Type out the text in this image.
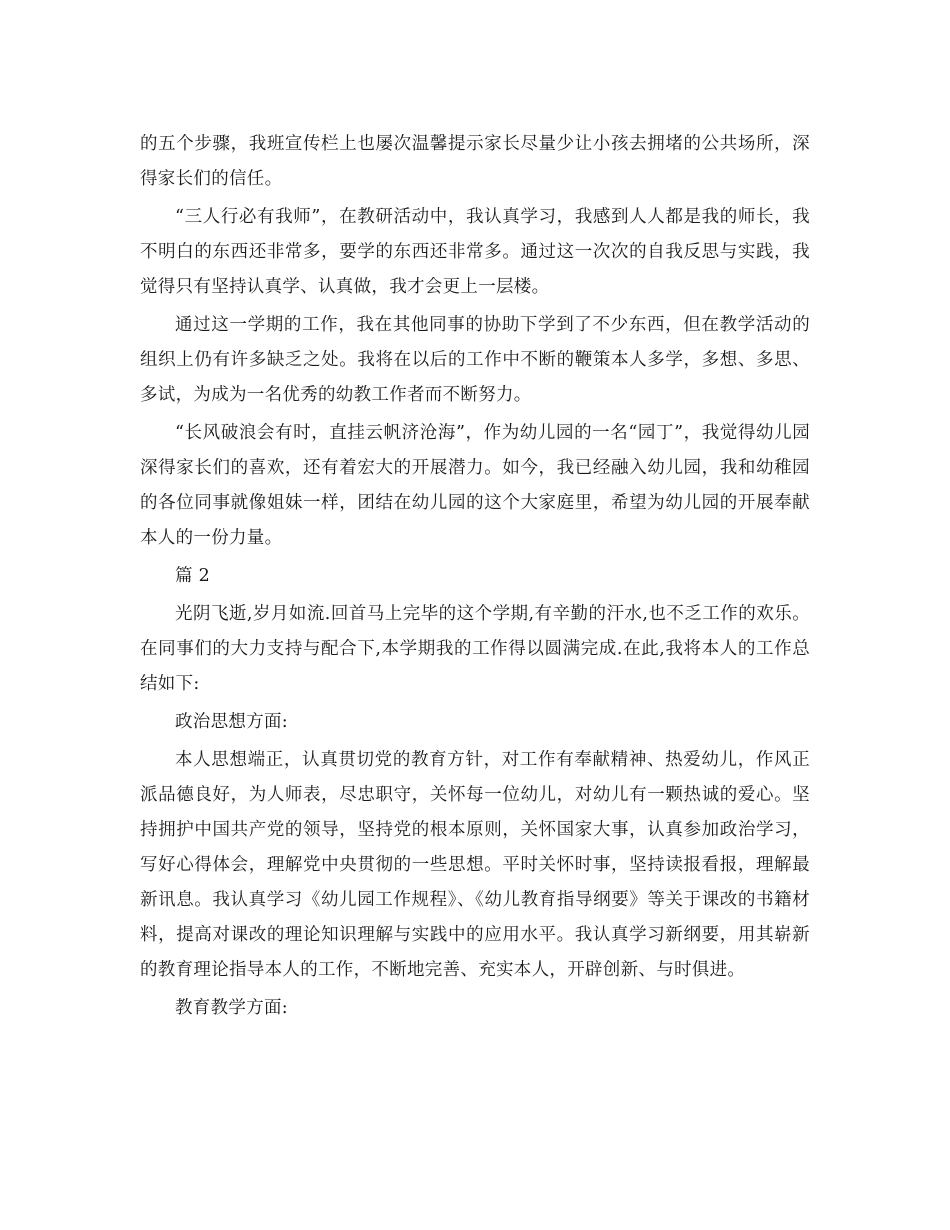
的五个步骤，我班宣传栏上也屡次温馨提示家长尽量少让小孩去拥堵的公共场所，深得家长们的信任。

“三人行必有我师”，在教研活动中，我认真学习，我感到人人都是我的师长，我不明白的东西还非常多，要学的东西还非常多。通过这一次次的自我反思与实践，我觉得只有坚持认真学、认真做，我才会更上一层楼。

通过这一学期的工作，我在其他同事的协助下学到了不少东西，但在教学活动的组织上仍有许多缺乏之处。我将在以后的工作中不断的鞭策本人多学，多想、多思、多试，为成为一名优秀的幼教工作者而不断努力。

“长风破浪会有时，直挂云帆济沧海”，作为幼儿园的一名“园丁”，我觉得幼儿园深得家长们的喜欢，还有着宏大的开展潜力。如今，我已经融入幼儿园，我和幼稚园的各位同事就像姐妹一样，团结在幼儿园的这个大家庭里，希望为幼儿园的开展奉献本人的一份力量。

篇 2

光阴飞逝,岁月如流.回首马上完毕的这个学期,有辛勤的汗水,也不乏工作的欢乐。在同事们的大力支持与配合下,本学期我的工作得以圆满完成.在此,我将本人的工作总结如下:

政治思想方面:

本人思想端正，认真贯切党的教育方针，对工作有奉献精神、热爱幼儿，作风正派品德良好，为人师表，尽忠职守，关怀每一位幼儿，对幼儿有一颗热诚的爱心。坚持拥护中国共产党的领导，坚持党的根本原则，关怀国家大事，认真参加政治学习，写好心得体会，理解党中央贯彻的一些思想。平时关怀时事，坚持读报看报，理解最新讯息。我认真学习《幼儿园工作规程》、《幼儿教育指导纲要》等关于课改的书籍材料，提高对课改的理论知识理解与实践中的应用水平。我认真学习新纲要，用其崭新的教育理论指导本人的工作，不断地完善、充实本人，开辟创新、与时俱进。

教育教学方面:
